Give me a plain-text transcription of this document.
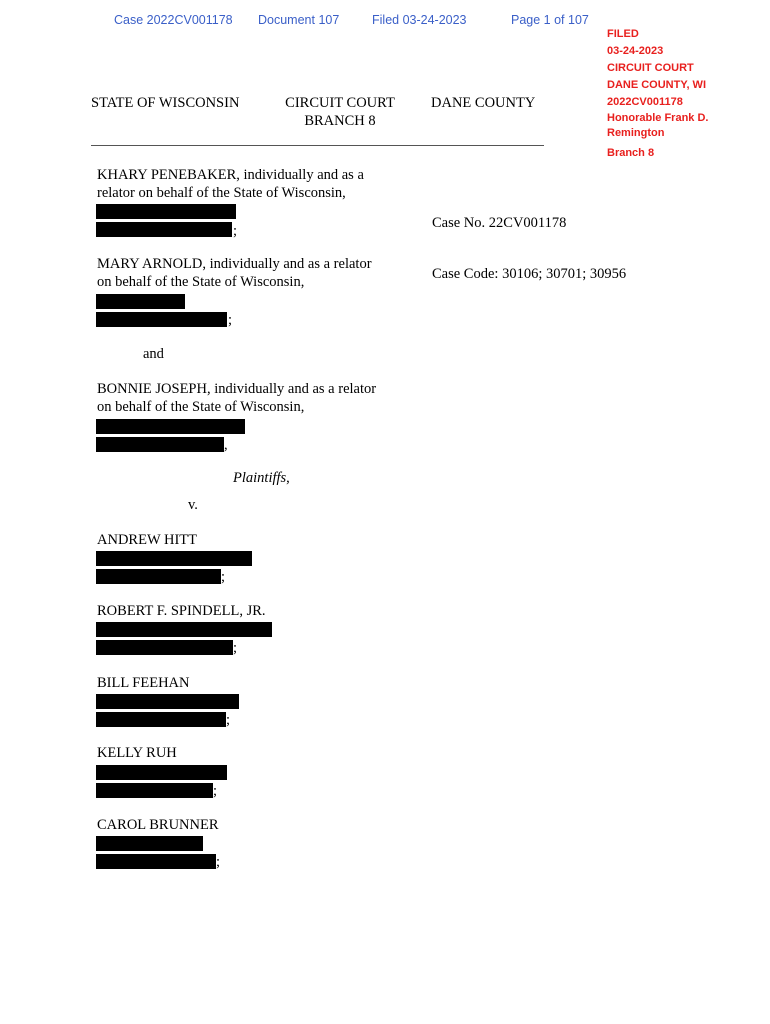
Case 2022CV001178 Document 107	Filed 03-24-2023	Page 1 of 107
FILED
03-24-2023
CIRCUIT COURT
DANE COUNTY, WI
2022CV001178
Honorable Frank D. Remington
Branch 8
STATE OF WISCONSIN	CIRCUIT COURT
BRANCH 8
DANE COUNTY
Case No. 22CV001178
Case Code: 30106; 30701; 30956
KHARY PENEBAKER, individually and as a
relator on behalf of the State of Wisconsin,
;
MARY ARNOLD, individually and as a relator
on behalf of the State of Wisconsin,
;
and
BONNIE JOSEPH, individually and as a relator
on behalf of the State of Wisconsin,
,
Plaintiffs,
v.
ANDREW HITT
;
ROBERT F. SPINDELL, JR.
;
BILL FEEHAN
;
KELLY RUH
;
CAROL BRUNNER
;
